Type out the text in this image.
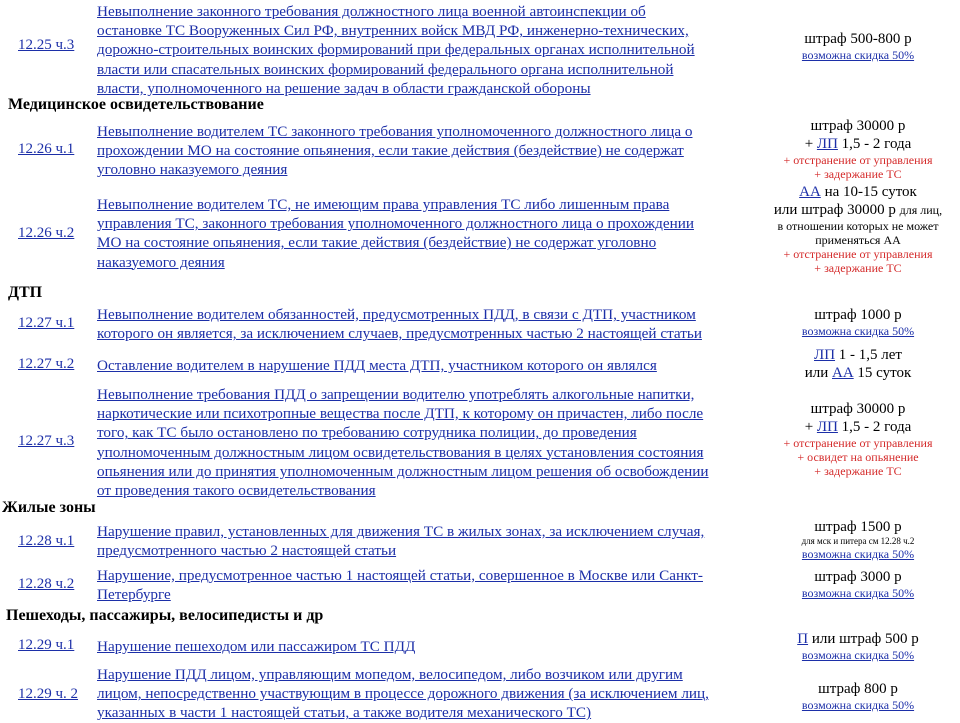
12.25 ч.3
Невыполнение законного требования должностного лица военной автоинспекции об
остановке ТС Вооруженных Сил РФ, внутренних войск МВД РФ, инженерно-технических,
дорожно-строительных воинских формирований при федеральных органах исполнительной
власти или спасательных воинских формирований федерального органа исполнительной
власти, уполномоченного на решение задач в области гражданской обороны
штраф 500-800 р
возможна скидка 50%
Медицинское освидетельствование
12.26 ч.1
Невыполнение водителем ТС законного требования уполномоченного должностного лица о
прохождении МО на состояние опьянения, если такие действия (бездействие) не содержат
уголовно наказуемого деяния
штраф 30000 р
+ ЛП 1,5 - 2 года
+ отстранение от управления
+ задержание ТС
12.26 ч.2
Невыполнение водителем ТС, не имеющим права управления ТС либо лишенным права
управления ТС, законного требования уполномоченного должностного лица о прохождении
МО на состояние опьянения, если такие действия (бездействие) не содержат уголовно
наказуемого деяния
АА на 10-15 суток
или штраф 30000 р для лиц,
в отношении которых не может
применяться АА
+ отстранение от управления
+ задержание ТС
ДТП
12.27 ч.1 Невыполнение водителем обязанностей, предусмотренных ПДД, в связи с ДТП, участником
которого он является, за исключением случаев, предусмотренных частью 2 настоящей статьи
штраф 1000 р
возможна скидка 50%
12.27 ч.2 Оставление водителем в нарушение ПДД места ДТП, участником которого он являлся
ЛП 1 - 1,5 лет
или АА 15 суток
12.27 ч.3
Невыполнение требования ПДД о запрещении водителю употреблять алкогольные напитки,
наркотические или психотропные вещества после ДТП, к которому он причастен, либо после
того, как ТС было остановлено по требованию сотрудника полиции, до проведения
уполномоченным должностным лицом освидетельствования в целях установления состояния
опьянения или до принятия уполномоченным должностным лицом решения об освобождении
от проведения такого освидетельствования
штраф 30000 р
+ ЛП 1,5 - 2 года
+ отстранение от управления
+ освидет на опьянение
+ задержание ТС
Жилые зоны
12.28 ч.1
Нарушение правил, установленных для движения ТС в жилых зонах, за исключением случая,
предусмотренного частью 2 настоящей статьи
штраф 1500 р
для мск и питера см 12.28 ч.2
возможна скидка 50%
12.28 ч.2 Нарушение, предусмотренное частью 1 настоящей статьи, совершенное в Москве или Санкт-
Петербурге
штраф 3000 р
возможна скидка 50%
Пешеходы, пассажиры, велосипедисты и др
12.29 ч.1 Нарушение пешеходом или пассажиром ТС ПДД	П или штраф 500 р
возможна скидка 50%
12.29 ч. 2
Нарушение ПДД лицом, управляющим мопедом, велосипедом, либо возчиком или другим
лицом, непосредственно участвующим в процессе дорожного движения (за исключением лиц,
указанных в части 1 настоящей статьи, а также водителя механического ТС)
штраф 800 р
возможна скидка 50%
